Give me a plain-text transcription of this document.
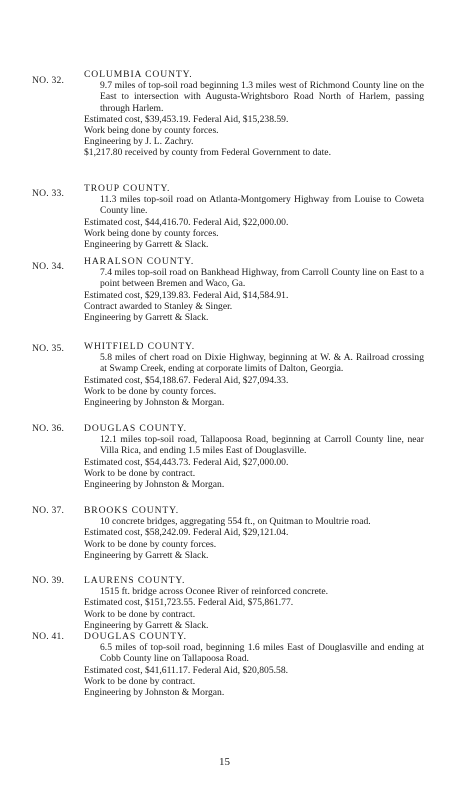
NO. 32.
COLUMBIA COUNTY.
9.7 miles of top-soil road beginning 1.3 miles west of Richmond County line on the East to intersection with Augusta-Wrightsboro Road North of Harlem, passing through Harlem.
Estimated cost, $39,453.19. Federal Aid, $15,238.59.
Work being done by county forces.
Engineering by J. L. Zachry.
$1,217.80 received by county from Federal Government to date.
NO. 33. TROUP COUNTY.
11.3 miles top-soil road on Atlanta-Montgomery Highway from Louise to Coweta County line.
Estimated cost, $44,416.70. Federal Aid, $22,000.00.
Work being done by county forces.
Engineering by Garrett & Slack.
NO. 34. HARALSON COUNTY.
7.4 miles top-soil road on Bankhead Highway, from Carroll County line on East to a point between Bremen and Waco, Ga.
Estimated cost, $29,139.83. Federal Aid, $14,584.91.
Contract awarded to Stanley & Singer.
Engineering by Garrett & Slack.
NO. 35. WHITFIELD COUNTY.
5.8 miles of chert road on Dixie Highway, beginning at W. & A. Railroad crossing at Swamp Creek, ending at corporate limits of Dalton, Georgia.
Estimated cost, $54,188.67. Federal Aid, $27,094.33.
Work to be done by county forces.
Engineering by Johnston & Morgan.
NO. 36. DOUGLAS COUNTY.
12.1 miles top-soil road, Tallapoosa Road, beginning at Carroll County line, near Villa Rica, and ending 1.5 miles East of Douglasville.
Estimated cost, $54,443.73. Federal Aid, $27,000.00.
Work to be done by contract.
Engineering by Johnston & Morgan.
NO. 37. BROOKS COUNTY.
10 concrete bridges, aggregating 554 ft., on Quitman to Moultrie road.
Estimated cost, $58,242.09. Federal Aid, $29,121.04.
Work to be done by county forces.
Engineering by Garrett & Slack.
NO. 39. LAURENS COUNTY.
1515 ft. bridge across Oconee River of reinforced concrete.
Estimated cost, $151,723.55. Federal Aid, $75,861.77.
Work to be done by contract.
Engineering by Garrett & Slack.
NO. 41. DOUGLAS COUNTY.
6.5 miles of top-soil road, beginning 1.6 miles East of Douglasville and ending at Cobb County line on Tallapoosa Road.
Estimated cost, $41,611.17. Federal Aid, $20,805.58.
Work to be done by contract.
Engineering by Johnston & Morgan.
15
